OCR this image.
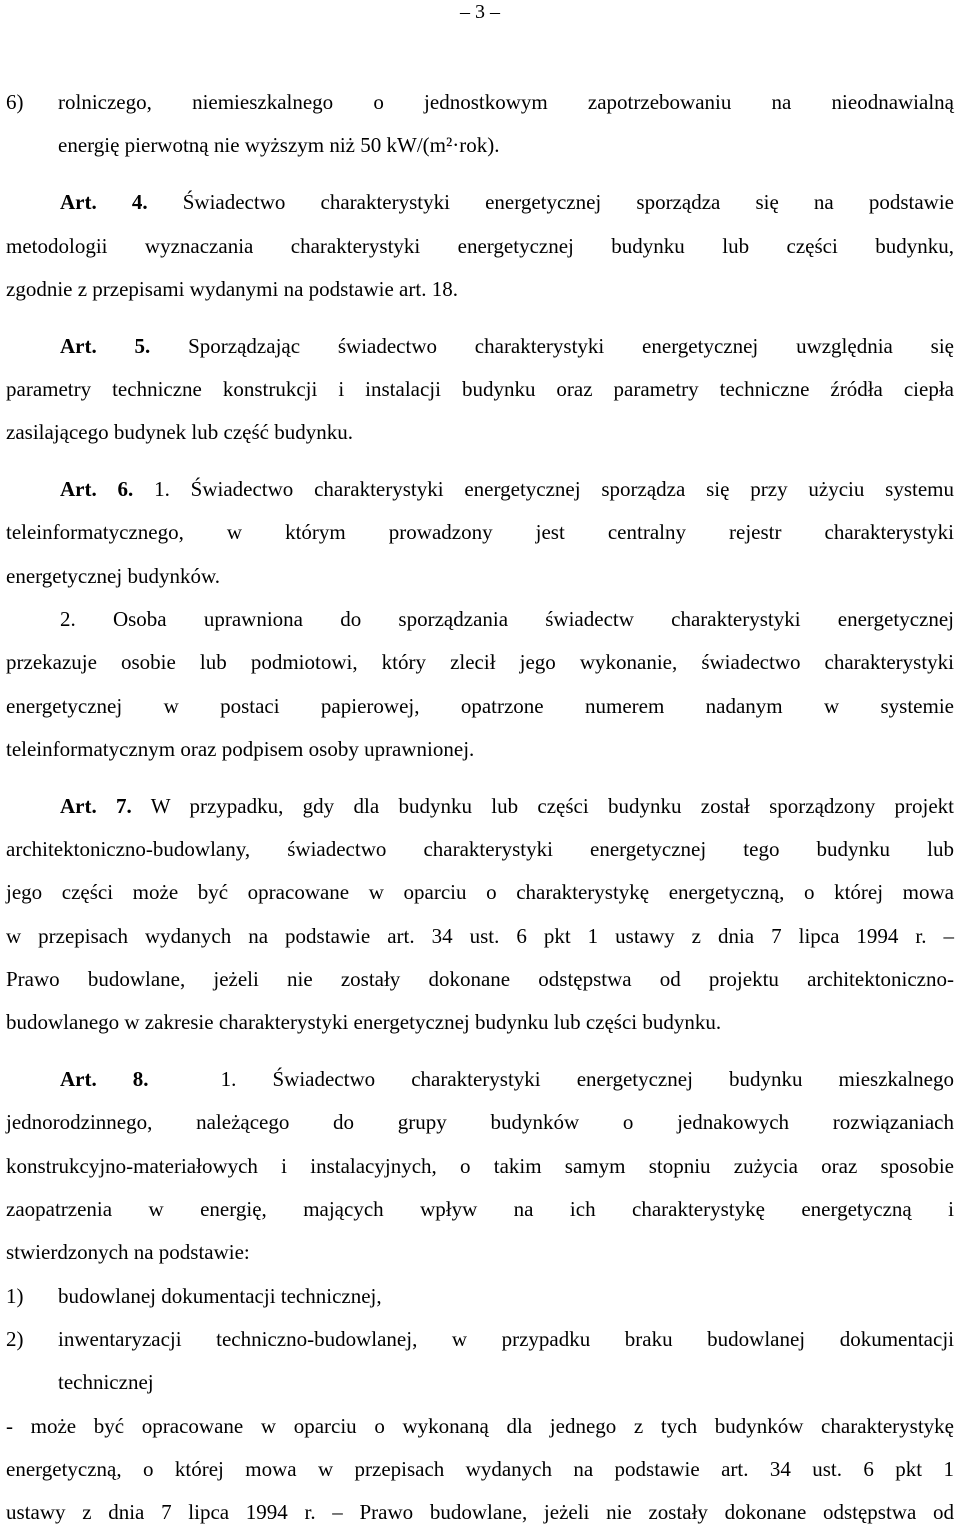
– 3 –
6) rolniczego, niemieszkalnego o jednostkowym zapotrzebowaniu na nieodnawialną
energię pierwotną nie wyższym niż 50 kW/(m²·rok).
Art. 4. Świadectwo charakterystyki energetycznej sporządza się na podstawie
metodologii wyznaczania charakterystyki energetycznej budynku lub części budynku,
zgodnie z przepisami wydanymi na podstawie art. 18.
Art. 5. Sporządzając świadectwo charakterystyki energetycznej uwzględnia się
parametry techniczne konstrukcji i instalacji budynku oraz parametry techniczne źródła ciepła
zasilającego budynek lub część budynku.
Art. 6. 1. Świadectwo charakterystyki energetycznej sporządza się przy użyciu systemu
teleinformatycznego, w którym prowadzony jest centralny rejestr charakterystyki
energetycznej budynków.
2. Osoba uprawniona do sporządzania świadectw charakterystyki energetycznej
przekazuje osobie lub podmiotowi, który zlecił jego wykonanie, świadectwo charakterystyki
energetycznej w postaci papierowej, opatrzone numerem nadanym w systemie
teleinformatycznym oraz podpisem osoby uprawnionej.
Art. 7. W przypadku, gdy dla budynku lub części budynku został sporządzony projekt
architektoniczno-budowlany, świadectwo charakterystyki energetycznej tego budynku lub
jego części może być opracowane w oparciu o charakterystykę energetyczną, o której mowa
w przepisach wydanych na podstawie art. 34 ust. 6 pkt 1 ustawy z dnia 7 lipca 1994 r. –
Prawo budowlane, jeżeli nie zostały dokonane odstępstwa od projektu architektoniczno-
budowlanego w zakresie charakterystyki energetycznej budynku lub części budynku.
Art. 8.	1. Świadectwo charakterystyki energetycznej budynku mieszkalnego
jednorodzinnego, należącego do grupy budynków o jednakowych rozwiązaniach
konstrukcyjno-materiałowych i instalacyjnych, o takim samym stopniu zużycia oraz sposobie
zaopatrzenia w energię, mających wpływ na ich charakterystykę energetyczną i
stwierdzonych na podstawie:
1) budowlanej dokumentacji technicznej,
2) inwentaryzacji techniczno-budowlanej, w przypadku braku budowlanej dokumentacji
technicznej
- może być opracowane w oparciu o wykonaną dla jednego z tych budynków charakterystykę
energetyczną, o której mowa w przepisach wydanych na podstawie art. 34 ust. 6 pkt 1
ustawy z dnia 7 lipca 1994 r. – Prawo budowlane, jeżeli nie zostały dokonane odstępstwa od
